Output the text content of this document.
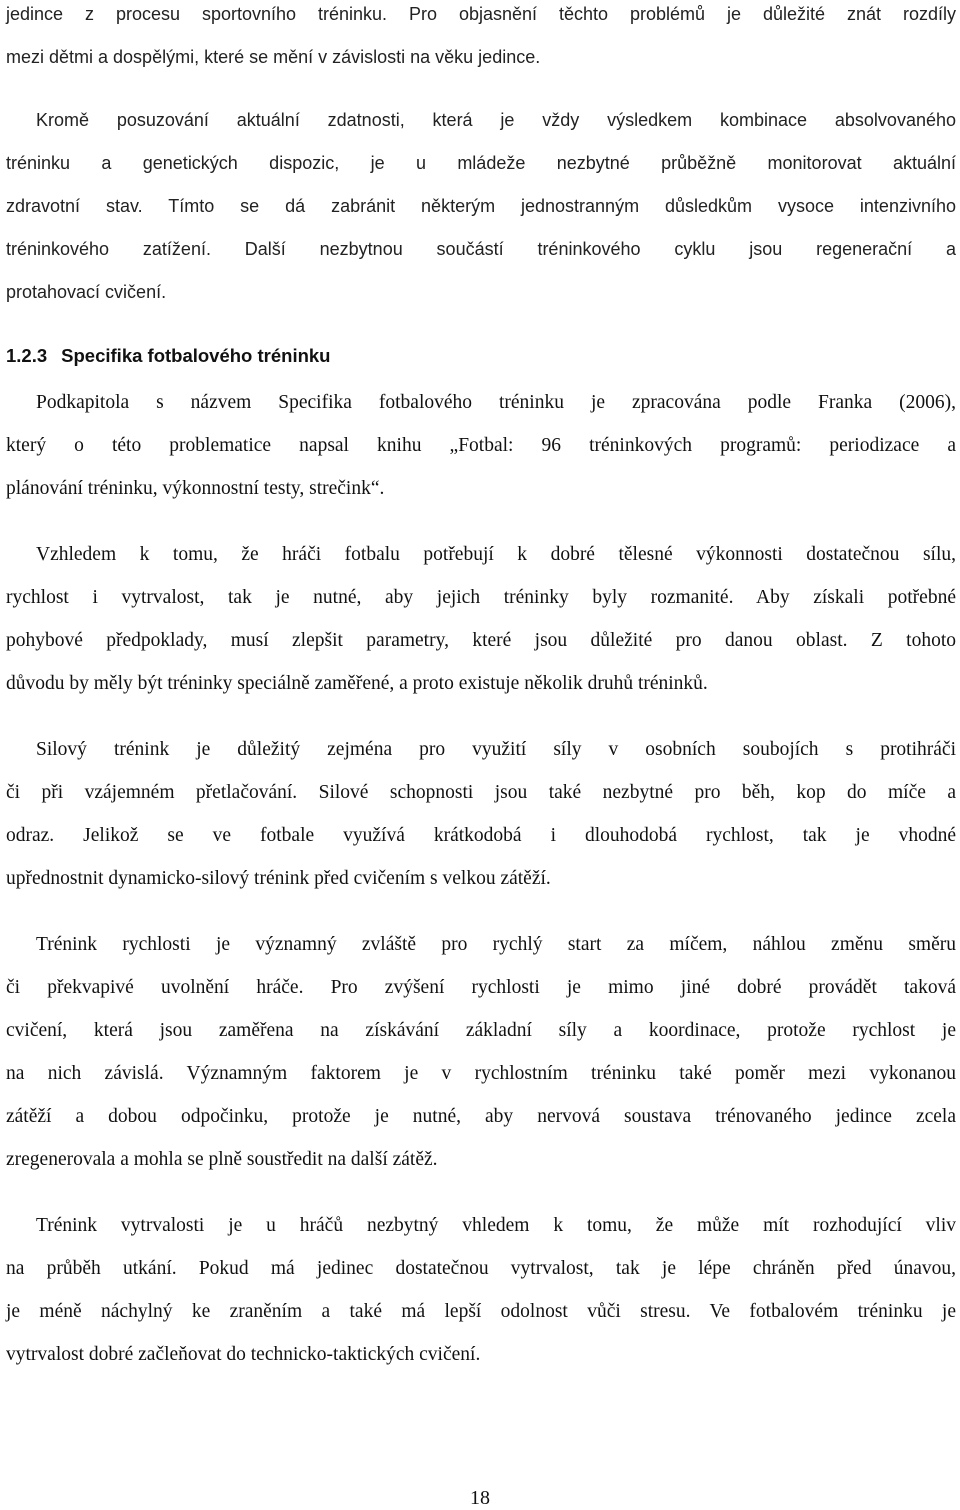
jedince z procesu sportovního tréninku. Pro objasnění těchto problémů je důležité znát rozdíly
mezi dětmi a dospělými, které se mění v závislosti na věku jedince.
Kromě posuzování aktuální zdatnosti, která je vždy výsledkem kombinace absolvovaného
tréninku a genetických dispozic, je u mládeže nezbytné průběžně monitorovat aktuální
zdravotní stav. Tímto se dá zabránit některým jednostranným důsledkům vysoce intenzivního
tréninkového zatížení. Další nezbytnou součástí tréninkového cyklu jsou regenerační a
protahovací cvičení.
1.2.3 Specifika fotbalového tréninku
Podkapitola s názvem Specifika fotbalového tréninku je zpracována podle Franka (2006),
který o této problematice napsal knihu „Fotbal: 96 tréninkových programů: periodizace a
plánování tréninku, výkonnostní testy, strečink“.
Vzhledem k tomu, že hráči fotbalu potřebují k dobré tělesné výkonnosti dostatečnou sílu,
rychlost i vytrvalost, tak je nutné, aby jejich tréninky byly rozmanité. Aby získali potřebné
pohybové předpoklady, musí zlepšit parametry, které jsou důležité pro danou oblast. Z tohoto
důvodu by měly být tréninky speciálně zaměřené, a proto existuje několik druhů tréninků.
Silový trénink je důležitý zejména pro využití síly v osobních soubojích s protihráči
či při vzájemném přetlačování. Silové schopnosti jsou také nezbytné pro běh, kop do míče a
odraz. Jelikož se ve fotbale využívá krátkodobá i dlouhodobá rychlost, tak je vhodné
upřednostnit dynamicko-silový trénink před cvičením s velkou zátěží.
Trénink rychlosti je významný zvláště pro rychlý start za míčem, náhlou změnu směru
či překvapivé uvolnění hráče. Pro zvýšení rychlosti je mimo jiné dobré provádět taková
cvičení, která jsou zaměřena na získávání základní síly a koordinace, protože rychlost je
na nich závislá. Významným faktorem je v rychlostním tréninku také poměr mezi vykonanou
zátěží a dobou odpočinku, protože je nutné, aby nervová soustava trénovaného jedince zcela
zregenerovala a mohla se plně soustředit na další zátěž.
Trénink vytrvalosti je u hráčů nezbytný vhledem k tomu, že může mít rozhodující vliv
na průběh utkání. Pokud má jedinec dostatečnou vytrvalost, tak je lépe chráněn před únavou,
je méně náchylný ke zraněním a také má lepší odolnost vůči stresu. Ve fotbalovém tréninku je
vytrvalost dobré začleňovat do technicko-taktických cvičení.
18
